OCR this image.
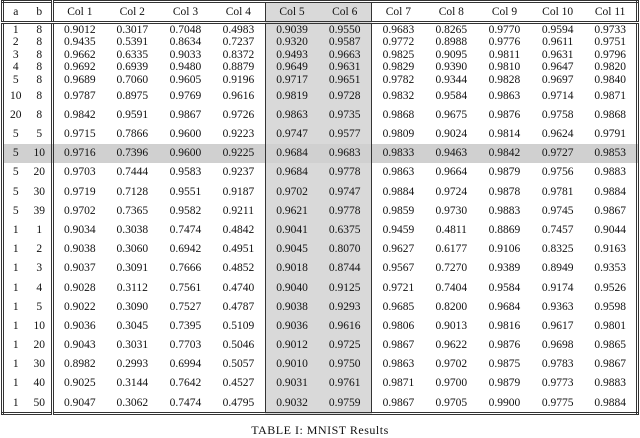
a	b	Col 1	Col 2	Col 3	Col 4	Col 5	Col 6	Col 7	Col 8	Col 9	Col 10	Col 11
1	8	0.9012	0.3017	0.7048	0.4983	0.9039	0.9550	0.9683	0.8265	0.9770	0.9594	0.9733
2	8	0.9435	0.5391	0.8634	0.7237	0.9320	0.9587	0.9772	0.8988	0.9776	0.9611	0.9751
3	8	0.9662	0.6335	0.9033	0.8372	0.9493	0.9663	0.9825	0.9095	0.9811	0.9631	0.9796
4	8	0.9692	0.6939	0.9480	0.8879	0.9649	0.9631	0.9829	0.9390	0.9810	0.9647	0.9820
5	8	0.9689	0.7060	0.9605	0.9196	0.9717	0.9651	0.9782	0.9344	0.9828	0.9697	0.9840
10	8	0.9787	0.8975	0.9769	0.9616	0.9819	0.9728	0.9832	0.9584	0.9863	0.9714	0.9871
20	8	0.9842	0.9591	0.9867	0.9726	0.9863	0.9735	0.9868	0.9675	0.9876	0.9758	0.9868
5	5	0.9715	0.7866	0.9600	0.9223	0.9747	0.9577	0.9809	0.9024	0.9814	0.9624	0.9791
5	10	0.9716	0.7396	0.9600	0.9225	0.9684	0.9683	0.9833	0.9463	0.9842	0.9727	0.9853
5	20	0.9703	0.7444	0.9583	0.9237	0.9684	0.9778	0.9863	0.9664	0.9879	0.9756	0.9883
5	30	0.9719	0.7128	0.9551	0.9187	0.9702	0.9747	0.9884	0.9724	0.9878	0.9781	0.9884
5	39	0.9702	0.7365	0.9582	0.9211	0.9621	0.9778	0.9859	0.9730	0.9883	0.9745	0.9867
1	1	0.9034	0.3038	0.7474	0.4842	0.9041	0.6375	0.9459	0.4811	0.8869	0.7457	0.9044
1	2	0.9038	0.3060	0.6942	0.4951	0.9045	0.8070	0.9627	0.6177	0.9106	0.8325	0.9163
1	3	0.9037	0.3091	0.7666	0.4852	0.9018	0.8744	0.9567	0.7270	0.9389	0.8949	0.9353
1	4	0.9028	0.3112	0.7561	0.4740	0.9040	0.9125	0.9721	0.7404	0.9584	0.9174	0.9526
1	5	0.9022	0.3090	0.7527	0.4787	0.9038	0.9293	0.9685	0.8200	0.9684	0.9363	0.9598
1	10	0.9036	0.3045	0.7395	0.5109	0.9036	0.9616	0.9806	0.9013	0.9816	0.9617	0.9801
1	20	0.9043	0.3031	0.7703	0.5046	0.9012	0.9725	0.9867	0.9622	0.9876	0.9698	0.9865
1	30	0.8982	0.2993	0.6994	0.5057	0.9010	0.9750	0.9863	0.9702	0.9875	0.9783	0.9867
1	40	0.9025	0.3144	0.7642	0.4527	0.9031	0.9761	0.9871	0.9700	0.9879	0.9773	0.9883
1	50	0.9047	0.3062	0.7474	0.4795	0.9032	0.9759	0.9867	0.9705	0.9900	0.9775	0.9884
TABLE I: MNIST Results
